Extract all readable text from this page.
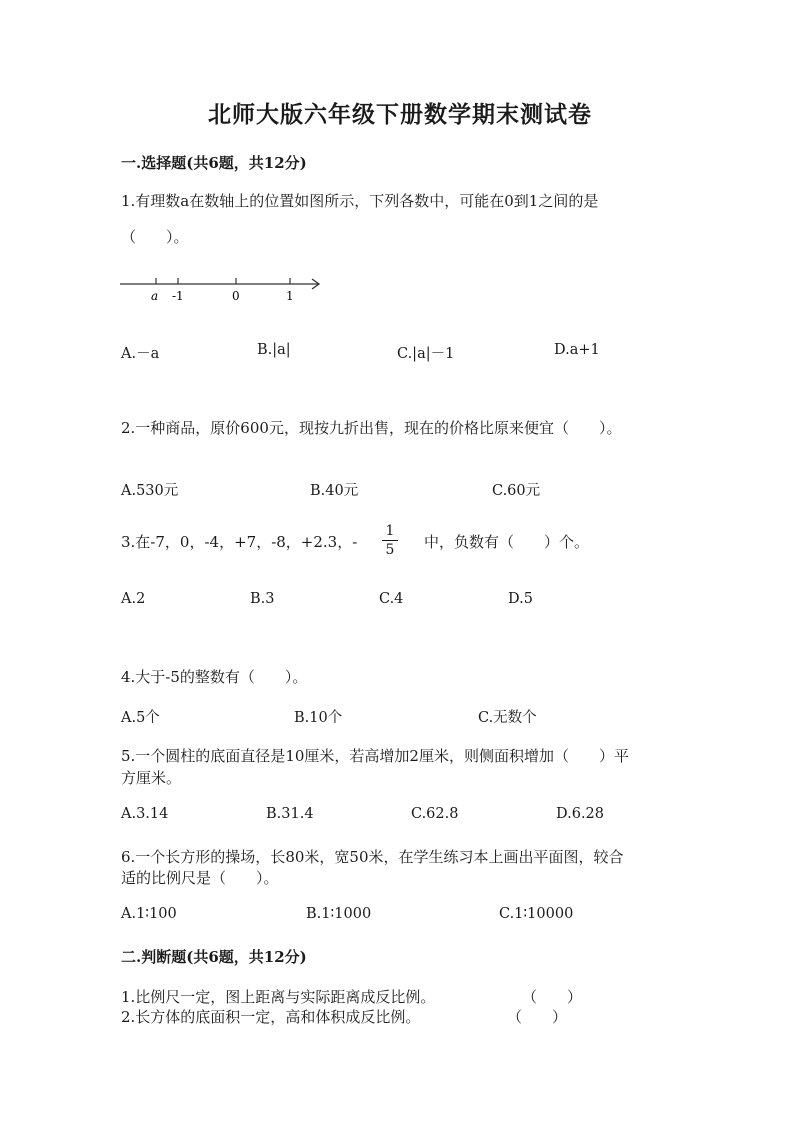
北师大版六年级下册数学期末测试卷
一.选择题(共6题，共12分)
1.有理数a在数轴上的位置如图所示，下列各数中，可能在0到1之间的是
（　　）。
a -1	0	1
A.－a	B.|a|	C.|a|－1	D.a+1
2.一种商品，原价600元，现按九折出售，现在的价格比原来便宜（　　）。
A.530元	B.40元	C.60元
3.在-7，0，-4，+7，-8，+2.3，-
1
5 中，负数有（　　）个。
A.2	B.3	C.4	D.5
4.大于-5的整数有（　　）。
A.5个	B.10个	C.无数个
5.一个圆柱的底面直径是10厘米，若高增加2厘米，则侧面积增加（　　）平
方厘米。
A.3.14	B.31.4	C.62.8	D.6.28
6.一个长方形的操场，长80米，宽50米，在学生练习本上画出平面图，较合
适的比例尺是（　　）。
A.1∶100	B.1∶1000	C.1∶10000
二.判断题(共6题，共12分)
1.比例尺一定，图上距离与实际距离成反比例。	（　　）
2.长方体的底面积一定，高和体积成反比例。	（　　）
